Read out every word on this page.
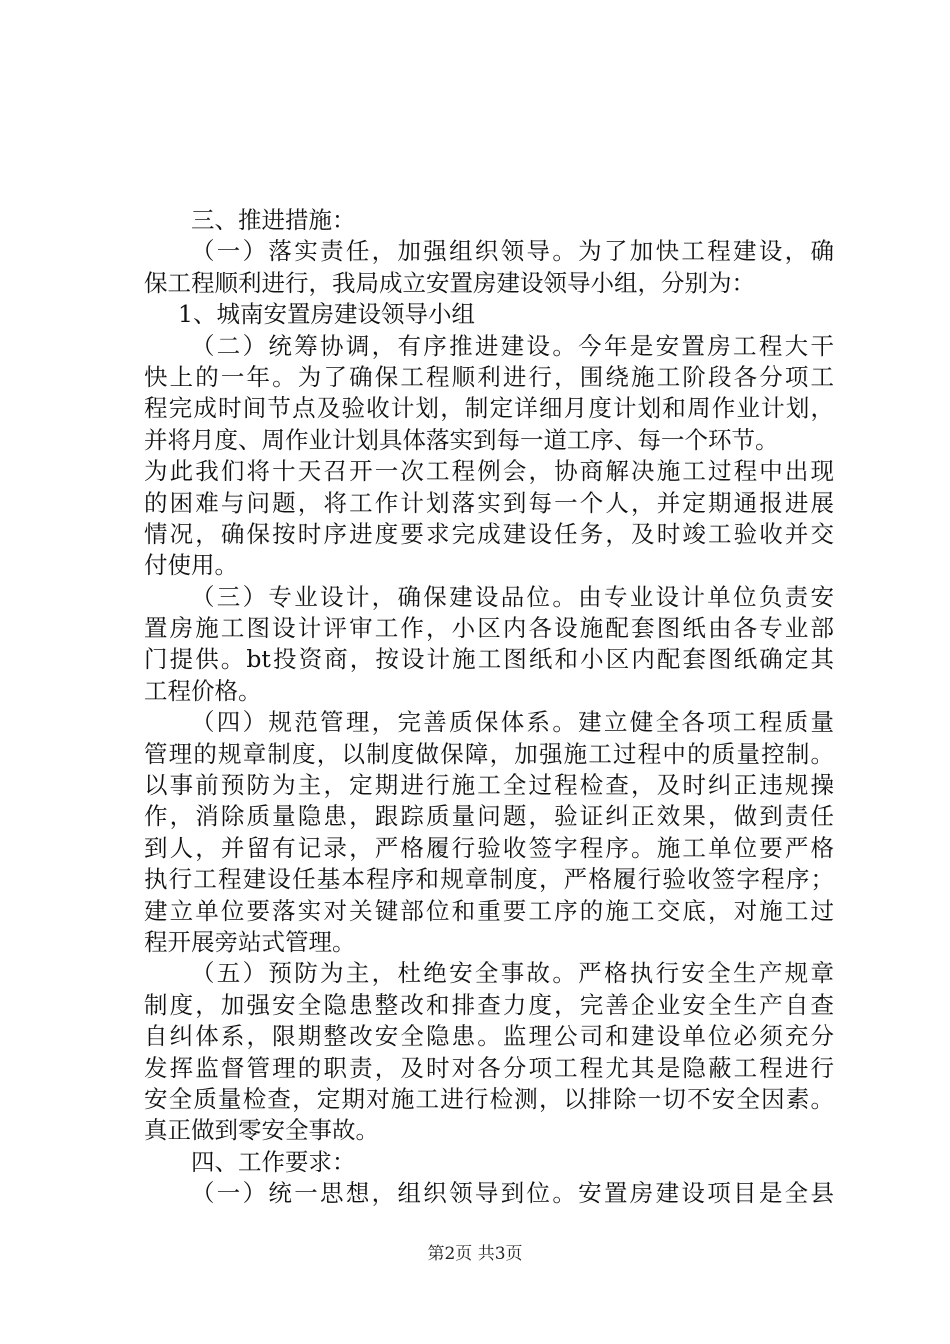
三、推进措施：
（一）落实责任，加强组织领导。为了加快工程建设，确
保工程顺利进行，我局成立安置房建设领导小组，分别为：
1、城南安置房建设领导小组
（二）统筹协调，有序推进建设。今年是安置房工程大干
快上的一年。为了确保工程顺利进行，围绕施工阶段各分项工
程完成时间节点及验收计划，制定详细月度计划和周作业计划，
并将月度、周作业计划具体落实到每一道工序、每一个环节。
为此我们将十天召开一次工程例会，协商解决施工过程中出现
的困难与问题，将工作计划落实到每一个人，并定期通报进展
情况，确保按时序进度要求完成建设任务，及时竣工验收并交
付使用。
（三）专业设计，确保建设品位。由专业设计单位负责安
置房施工图设计评审工作，小区内各设施配套图纸由各专业部
门提供。bt投资商，按设计施工图纸和小区内配套图纸确定其
工程价格。
（四）规范管理，完善质保体系。建立健全各项工程质量
管理的规章制度，以制度做保障，加强施工过程中的质量控制。
以事前预防为主，定期进行施工全过程检查，及时纠正违规操
作，消除质量隐患，跟踪质量问题，验证纠正效果，做到责任
到人，并留有记录，严格履行验收签字程序。施工单位要严格
执行工程建设任基本程序和规章制度，严格履行验收签字程序；
建立单位要落实对关键部位和重要工序的施工交底，对施工过
程开展旁站式管理。
（五）预防为主，杜绝安全事故。严格执行安全生产规章
制度，加强安全隐患整改和排查力度，完善企业安全生产自查
自纠体系，限期整改安全隐患。监理公司和建设单位必须充分
发挥监督管理的职责，及时对各分项工程尤其是隐蔽工程进行
安全质量检查，定期对施工进行检测，以排除一切不安全因素。
真正做到零安全事故。
四、工作要求：
（一）统一思想，组织领导到位。安置房建设项目是全县
第2页 共3页
